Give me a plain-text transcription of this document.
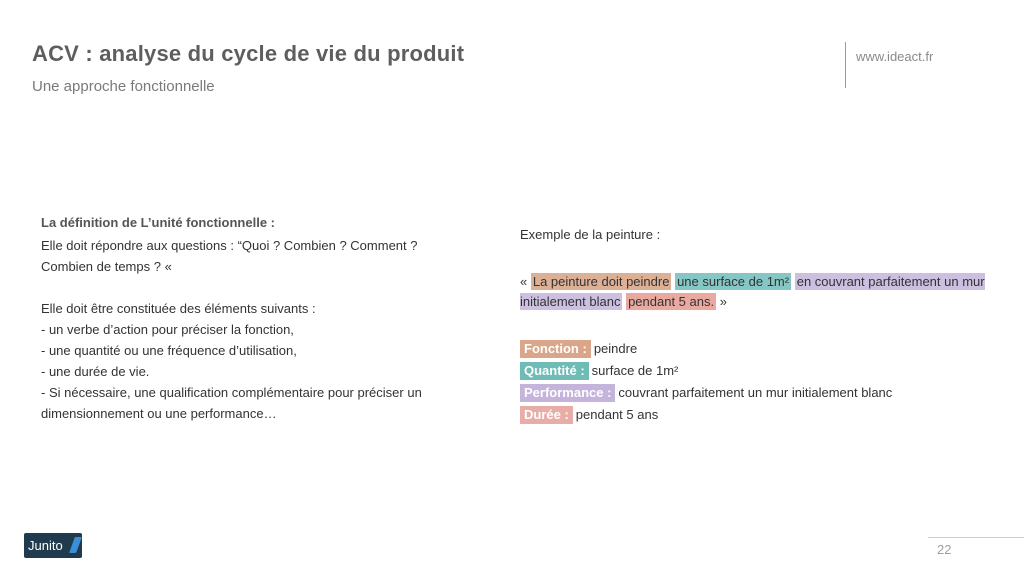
ACV : analyse du cycle de vie du produit
Une approche fonctionnelle
www.ideact.fr

La définition de L’unité fonctionnelle :

Elle doit répondre aux questions : “Quoi ? Combien ? Comment ?

Combien de temps ? «

Elle doit être constituée des éléments suivants :

- un verbe d’action pour préciser la fonction,

- une quantité ou une fréquence d’utilisation,

- une durée de vie.

- Si nécessaire, une qualification complémentaire pour préciser un dimensionnement ou une performance…

Exemple de la peinture :

« La peinture doit peindre une surface de 1m² en couvrant parfaitement un mur initialement blanc pendant 5 ans. »
Fonction : peindre
Quantité : surface de 1m²
Performance : couvrant parfaitement un mur initialement blanc
Durée : pendant 5 ans
Junito	22
